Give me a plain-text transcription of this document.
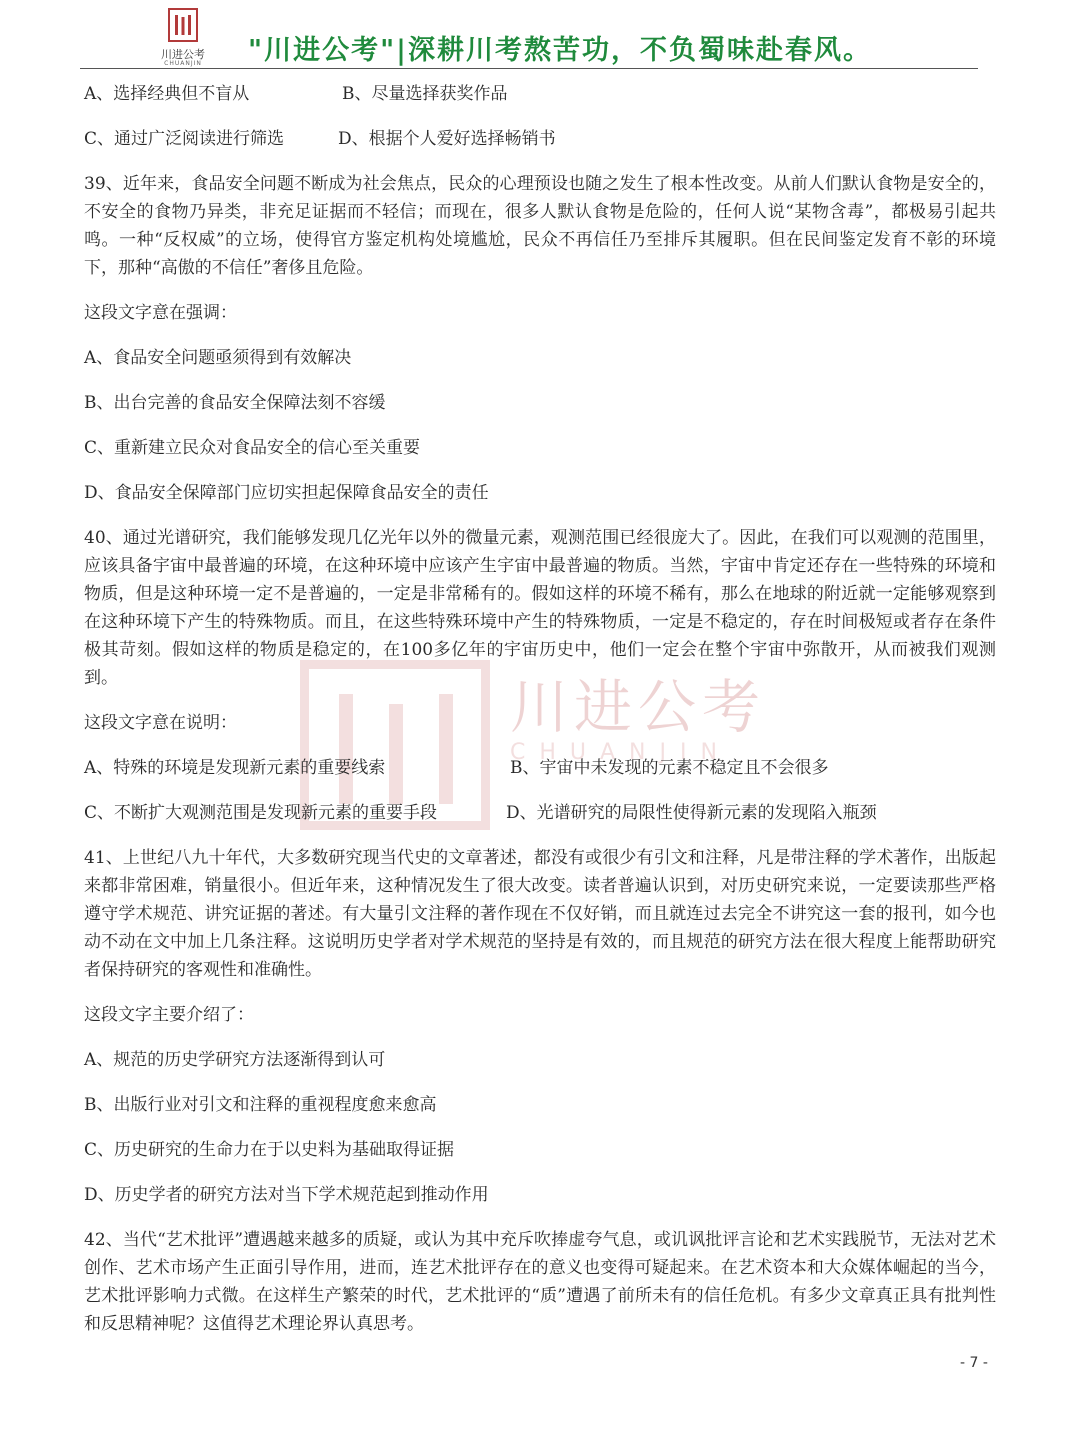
川进公考
CHUANJIN	"川进公考"|深耕川考熬苦功，不负蜀味赴春风。
川进公考
CHUANJIN
A、选择经典但不盲从	B、尽量选择获奖作品
C、通过广泛阅读进行筛选	D、根据个人爱好选择畅销书

39、近年来，食品安全问题不断成为社会焦点，民众的心理预设也随之发生了根本性改变。从前人们默认食物是安全的，不安全的食物乃异类，非充足证据而不轻信；而现在，很多人默认食物是危险的，任何人说“某物含毒”，都极易引起共鸣。一种“反权威”的立场，使得官方鉴定机构处境尴尬，民众不再信任乃至排斥其履职。但在民间鉴定发育不彰的环境下，那种“高傲的不信任”奢侈且危险。

这段文字意在强调：

A、食品安全问题亟须得到有效解决

B、出台完善的食品安全保障法刻不容缓

C、重新建立民众对食品安全的信心至关重要

D、食品安全保障部门应切实担起保障食品安全的责任

40、通过光谱研究，我们能够发现几亿光年以外的微量元素，观测范围已经很庞大了。因此，在我们可以观测的范围里，应该具备宇宙中最普遍的环境，在这种环境中应该产生宇宙中最普遍的物质。当然，宇宙中肯定还存在一些特殊的环境和物质，但是这种环境一定不是普遍的，一定是非常稀有的。假如这样的环境不稀有，那么在地球的附近就一定能够观察到在这种环境下产生的特殊物质。而且，在这些特殊环境中产生的特殊物质，一定是不稳定的，存在时间极短或者存在条件极其苛刻。假如这样的物质是稳定的，在100多亿年的宇宙历史中，他们一定会在整个宇宙中弥散开，从而被我们观测到。

这段文字意在说明：

A、特殊的环境是发现新元素的重要线索	B、宇宙中未发现的元素不稳定且不会很多
C、不断扩大观测范围是发现新元素的重要手段	D、光谱研究的局限性使得新元素的发现陷入瓶颈

41、上世纪八九十年代，大多数研究现当代史的文章著述，都没有或很少有引文和注释，凡是带注释的学术著作，出版起来都非常困难，销量很小。但近年来，这种情况发生了很大改变。读者普遍认识到，对历史研究来说，一定要读那些严格遵守学术规范、讲究证据的著述。有大量引文注释的著作现在不仅好销，而且就连过去完全不讲究这一套的报刊，如今也动不动在文中加上几条注释。这说明历史学者对学术规范的坚持是有效的，而且规范的研究方法在很大程度上能帮助研究者保持研究的客观性和准确性。

这段文字主要介绍了：

A、规范的历史学研究方法逐渐得到认可

B、出版行业对引文和注释的重视程度愈来愈高

C、历史研究的生命力在于以史料为基础取得证据

D、历史学者的研究方法对当下学术规范起到推动作用

42、当代“艺术批评”遭遇越来越多的质疑，或认为其中充斥吹捧虚夸气息，或讥讽批评言论和艺术实践脱节，无法对艺术创作、艺术市场产生正面引导作用，进而，连艺术批评存在的意义也变得可疑起来。在艺术资本和大众媒体崛起的当今，艺术批评影响力式微。在这样生产繁荣的时代，艺术批评的“质”遭遇了前所未有的信任危机。有多少文章真正具有批判性和反思精神呢？这值得艺术理论界认真思考。

- 7 -
